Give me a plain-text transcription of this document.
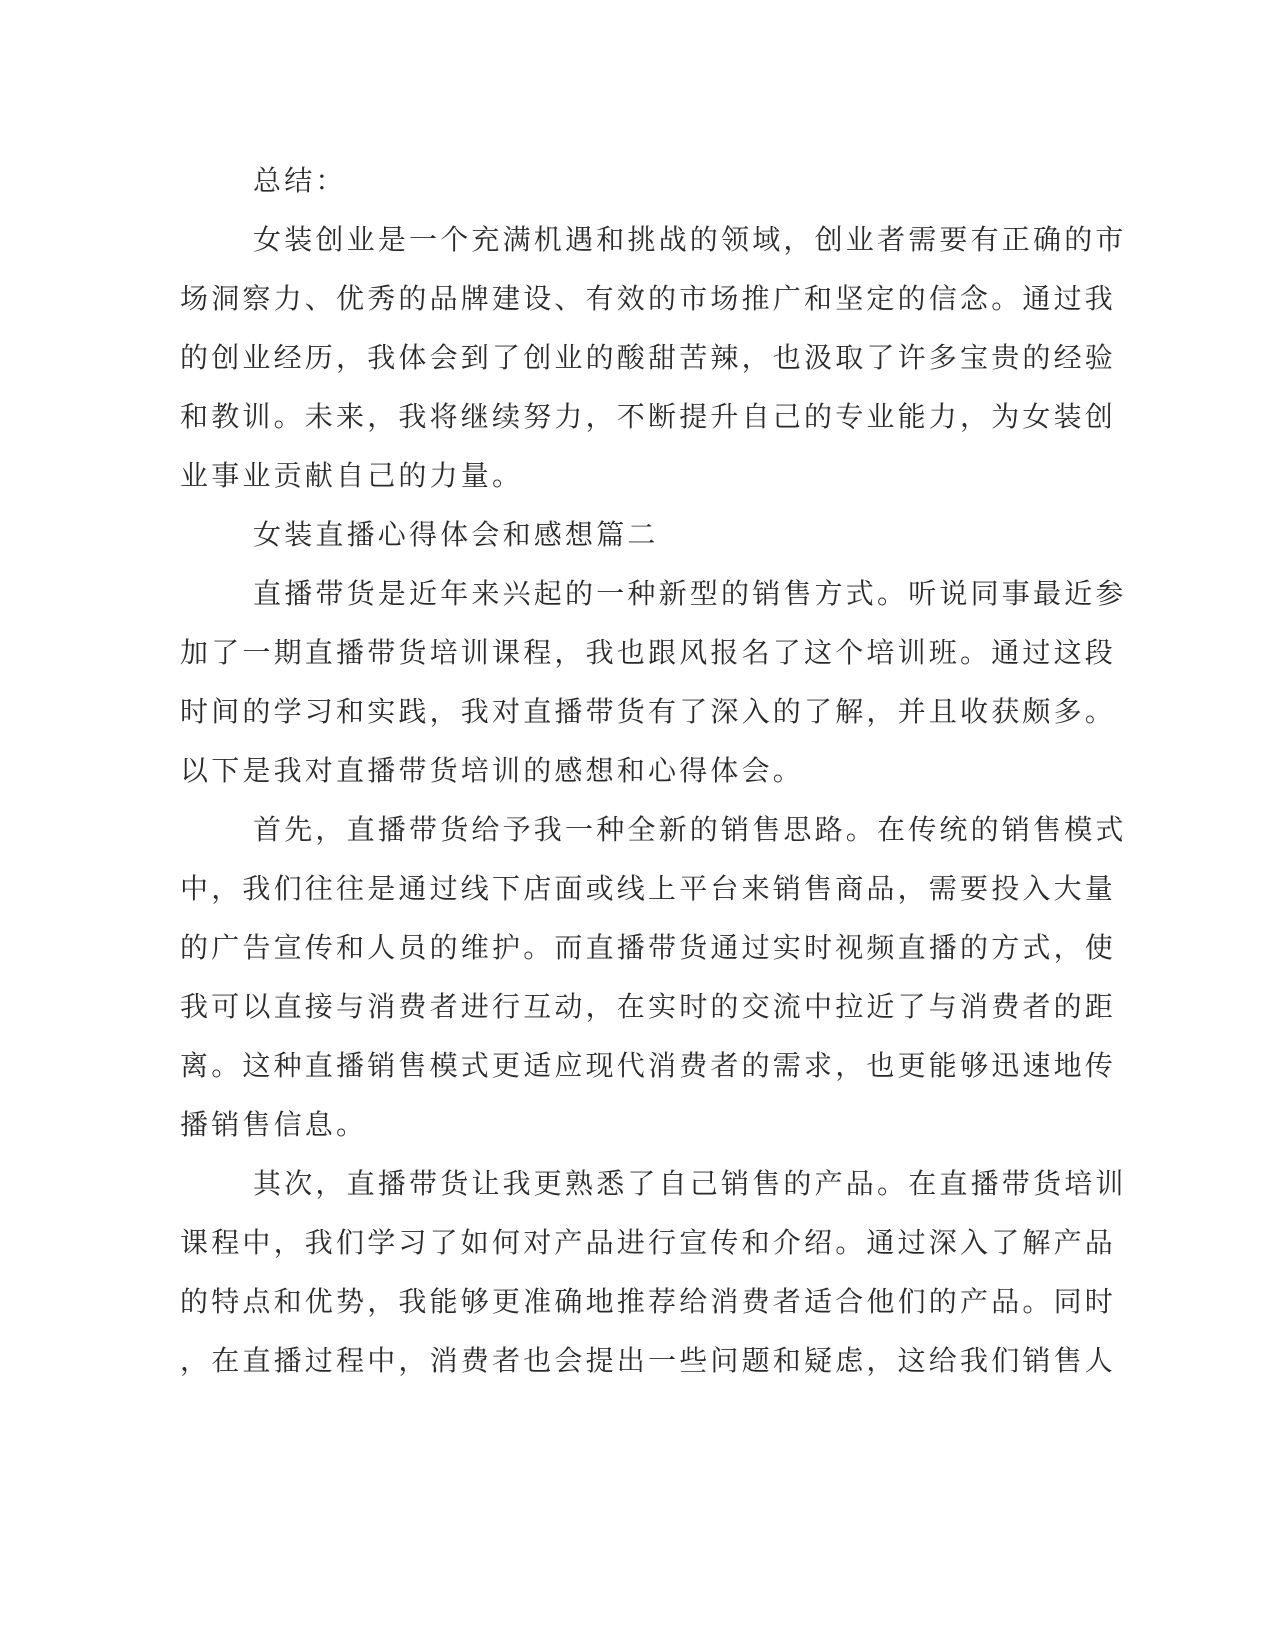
总结：
女装创业是一个充满机遇和挑战的领域，创业者需要有正确的市
场洞察力、优秀的品牌建设、有效的市场推广和坚定的信念。通过我
的创业经历，我体会到了创业的酸甜苦辣，也汲取了许多宝贵的经验
和教训。未来，我将继续努力，不断提升自己的专业能力，为女装创
业事业贡献自己的力量。
女装直播心得体会和感想篇二
直播带货是近年来兴起的一种新型的销售方式。听说同事最近参
加了一期直播带货培训课程，我也跟风报名了这个培训班。通过这段
时间的学习和实践，我对直播带货有了深入的了解，并且收获颇多。
以下是我对直播带货培训的感想和心得体会。
首先，直播带货给予我一种全新的销售思路。在传统的销售模式
中，我们往往是通过线下店面或线上平台来销售商品，需要投入大量
的广告宣传和人员的维护。而直播带货通过实时视频直播的方式，使
我可以直接与消费者进行互动，在实时的交流中拉近了与消费者的距
离。这种直播销售模式更适应现代消费者的需求，也更能够迅速地传
播销售信息。
其次，直播带货让我更熟悉了自己销售的产品。在直播带货培训
课程中，我们学习了如何对产品进行宣传和介绍。通过深入了解产品
的特点和优势，我能够更准确地推荐给消费者适合他们的产品。同时
，在直播过程中，消费者也会提出一些问题和疑虑，这给我们销售人
